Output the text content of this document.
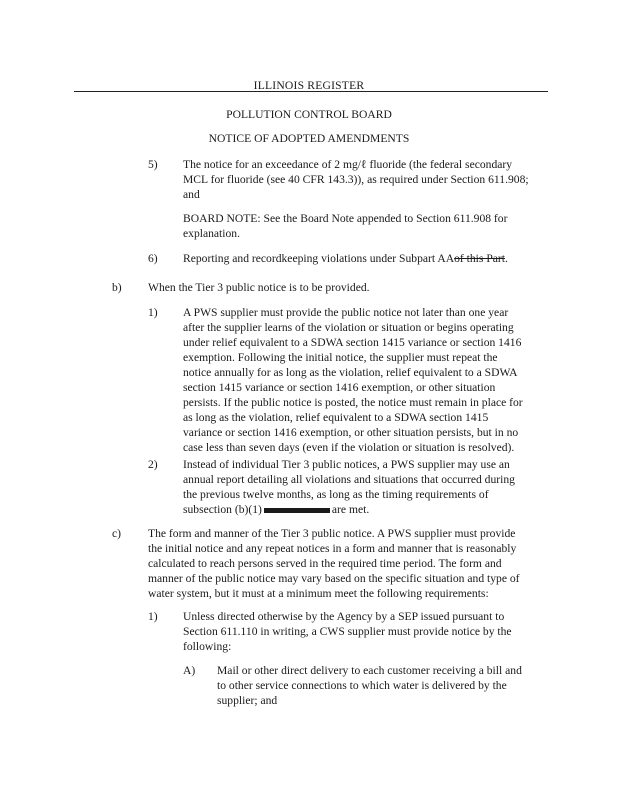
ILLINOIS REGISTER
POLLUTION CONTROL BOARD
NOTICE OF ADOPTED AMENDMENTS
5) The notice for an exceedance of 2 mg/ℓ fluoride (the federal secondary
MCL for fluoride (see 40 CFR 143.3)), as required under Section 611.908;
and
BOARD NOTE: See the Board Note appended to Section 611.908 for
explanation.
6) Reporting and recordkeeping violations under Subpart AAof this Part.
b) When the Tier 3 public notice is to be provided.
1) A PWS supplier must provide the public notice not later than one year
after the supplier learns of the violation or situation or begins operating
under relief equivalent to a SDWA section 1415 variance or section 1416
exemption. Following the initial notice, the supplier must repeat the
notice annually for as long as the violation, relief equivalent to a SDWA
section 1415 variance or section 1416 exemption, or other situation
persists. If the public notice is posted, the notice must remain in place for
as long as the violation, relief equivalent to a SDWA section 1415
variance or section 1416 exemption, or other situation persists, but in no
case less than seven days (even if the violation or situation is resolved).
2) Instead of individual Tier 3 public notices, a PWS supplier may use an
annual report detailing all violations and situations that occurred during
the previous twelve months, as long as the timing requirements of
subsection (b)(1)	are met.
c) The form and manner of the Tier 3 public notice. A PWS supplier must provide
the initial notice and any repeat notices in a form and manner that is reasonably
calculated to reach persons served in the required time period. The form and
manner of the public notice may vary based on the specific situation and type of
water system, but it must at a minimum meet the following requirements:
1) Unless directed otherwise by the Agency by a SEP issued pursuant to
Section 611.110 in writing, a CWS supplier must provide notice by the
following:
A) Mail or other direct delivery to each customer receiving a bill and
to other service connections to which water is delivered by the
supplier; and
